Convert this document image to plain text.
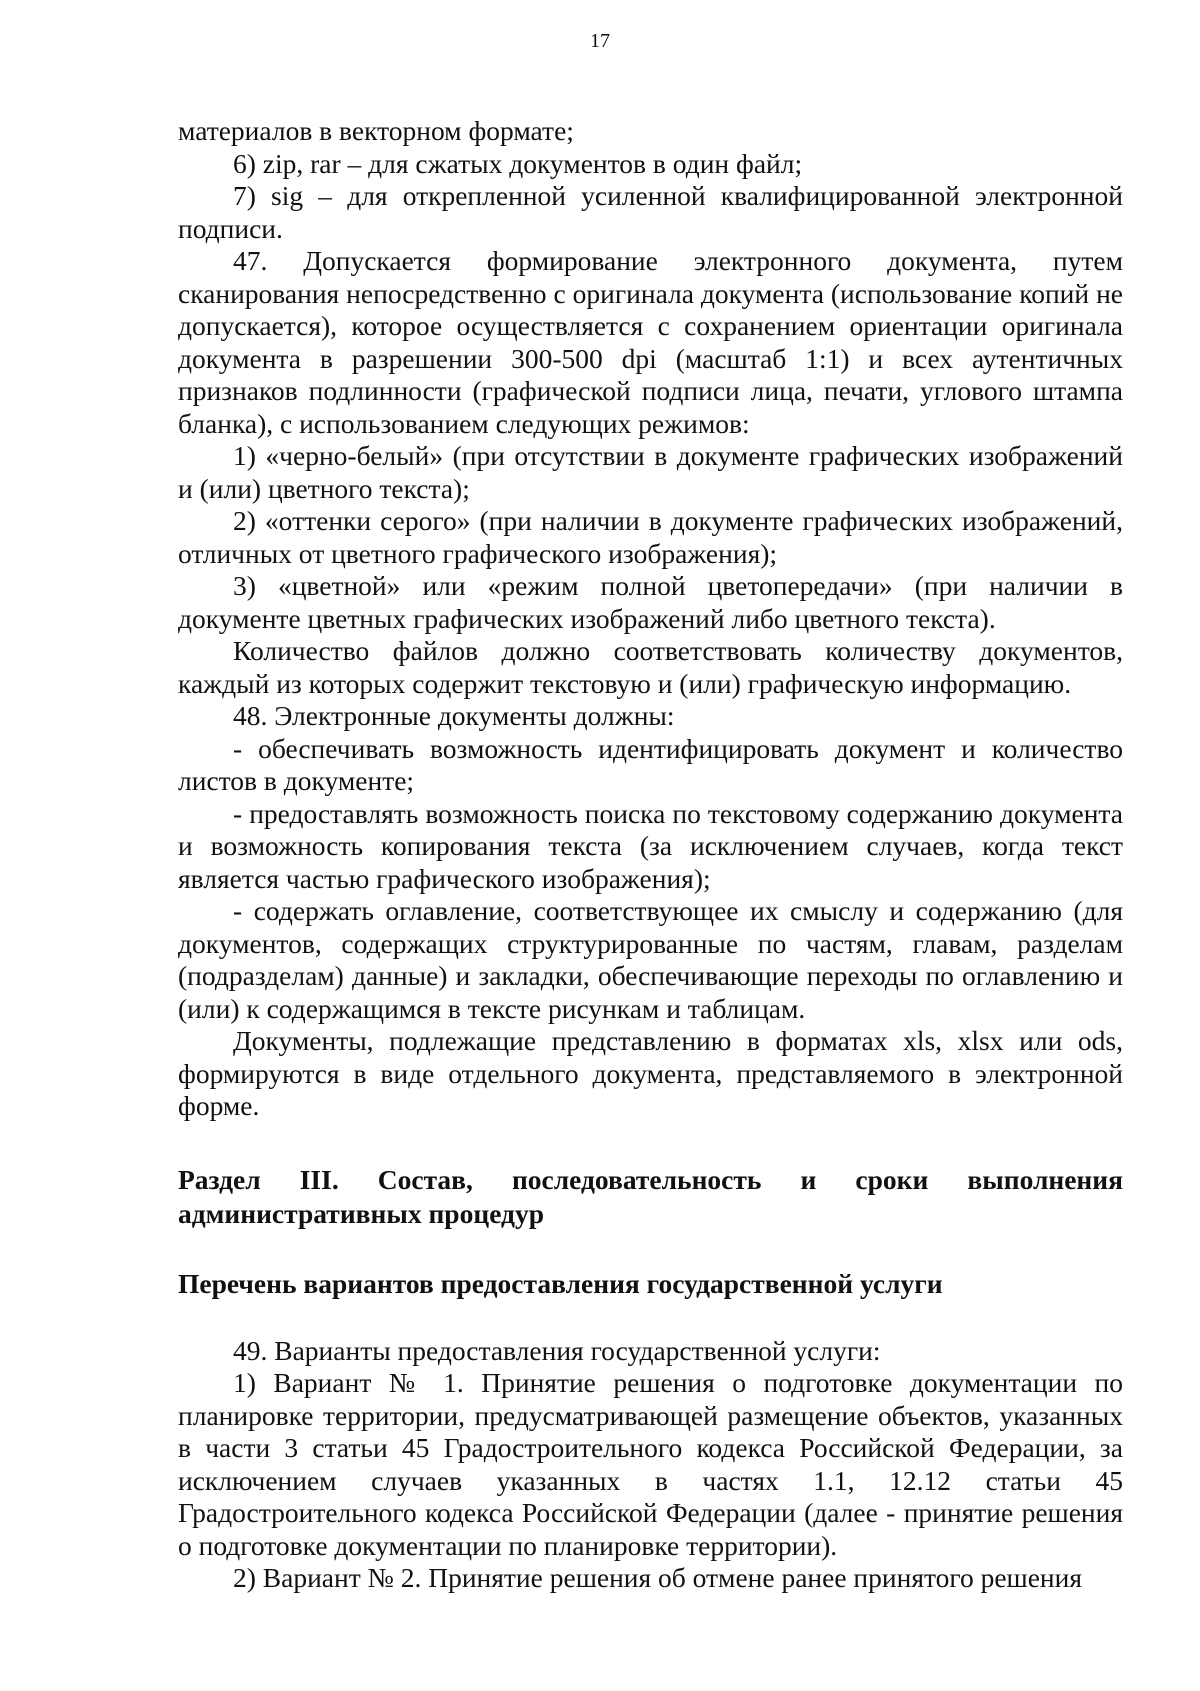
17

материалов в векторном формате;

6) zip, rar – для сжатых документов в один файл;

7) sig – для открепленной усиленной квалифицированной электронной подписи.

47. Допускается формирование электронного документа, путем сканирования непосредственно с оригинала документа (использование копий не допускается), которое осуществляется с сохранением ориентации оригинала документа в разрешении 300-500 dpi (масштаб 1:1) и всех аутентичных признаков подлинности (графической подписи лица, печати, углового штампа бланка), с использованием следующих режимов:

1) «черно-белый» (при отсутствии в документе графических изображений и (или) цветного текста);

2) «оттенки серого» (при наличии в документе графических изображений, отличных от цветного графического изображения);

3) «цветной» или «режим полной цветопередачи» (при наличии в документе цветных графических изображений либо цветного текста).

Количество файлов должно соответствовать количеству документов, каждый из которых содержит текстовую и (или) графическую информацию.

48. Электронные документы должны:

- обеспечивать возможность идентифицировать документ и количество листов в документе;

- предоставлять возможность поиска по текстовому содержанию документа и возможность копирования текста (за исключением случаев, когда текст является частью графического изображения);

- содержать оглавление, соответствующее их смыслу и содержанию (для документов, содержащих структурированные по частям, главам, разделам (подразделам) данные) и закладки, обеспечивающие переходы по оглавлению и (или) к содержащимся в тексте рисункам и таблицам.

Документы, подлежащие представлению в форматах xls, xlsx или ods, формируются в виде отдельного документа, представляемого в электронной форме.

Раздел III. Состав, последовательность и сроки выполнения административных процедур

Перечень вариантов предоставления государственной услуги

49. Варианты предоставления государственной услуги:

1) Вариант № 1. Принятие решения о подготовке документации по планировке территории, предусматривающей размещение объектов, указанных в части 3 статьи 45 Градостроительного кодекса Российской Федерации, за исключением случаев указанных в частях 1.1, 12.12 статьи 45 Градостроительного кодекса Российской Федерации (далее - принятие решения о подготовке документации по планировке территории).

2) Вариант № 2. Принятие решения об отмене ранее принятого решения
